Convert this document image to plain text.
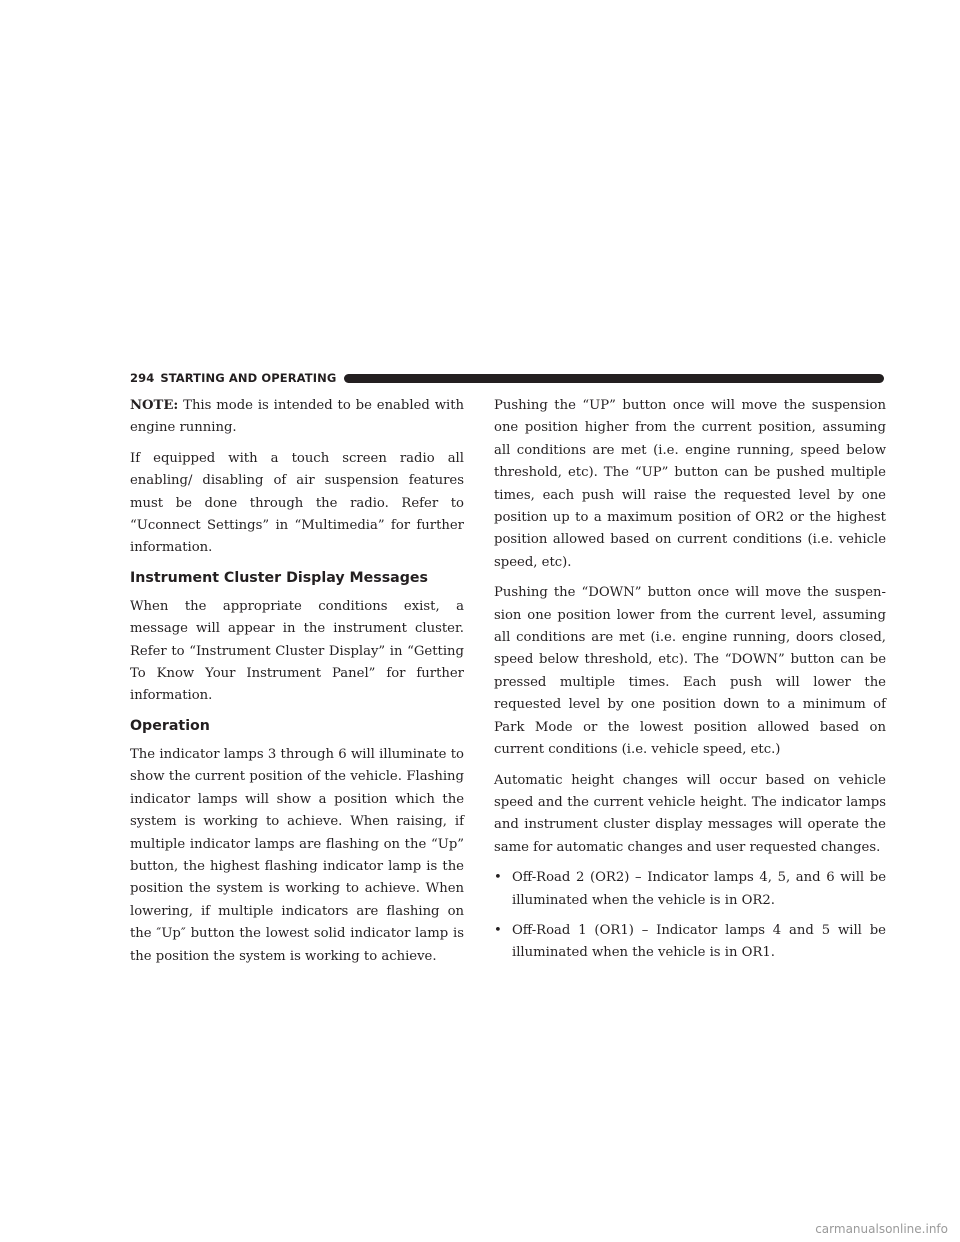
294 STARTING AND OPERATING

NOTE: This mode is intended to be enabled with engine running.

If equipped with a touch screen radio all enabling/ disabling of air suspension features must be done through the radio. Refer to “Uconnect Settings” in “Multimedia” for further information.

Instrument Cluster Display Messages

When the appropriate conditions exist, a message will appear in the instrument cluster. Refer to “Instrument Cluster Display” in “Getting To Know Your Instrument Panel” for further information.

Operation

The indicator lamps 3 through 6 will illuminate to show the current position of the vehicle. Flashing indicator lamps will show a position which the system is working to achieve. When raising, if multiple indicator lamps are flashing on the “Up” button, the highest flashing indicator lamp is the position the system is working to achieve. When lowering, if multiple indicators are flashing on the ″Up″ button the lowest solid indicator lamp is the position the system is working to achieve.

Pushing the “UP” button once will move the suspension one position higher from the current position, assuming all conditions are met (i.e. engine running, speed below threshold, etc). The “UP” button can be pushed multiple times, each push will raise the requested level by one position up to a maximum position of OR2 or the highest position allowed based on current conditions (i.e. vehicle speed, etc).

Pushing the “DOWN” button once will move the suspen- sion one position lower from the current level, assuming all conditions are met (i.e. engine running, doors closed, speed below threshold, etc). The “DOWN” button can be pressed multiple times. Each push will lower the requested level by one position down to a minimum of Park Mode or the lowest position allowed based on current conditions (i.e. vehicle speed, etc.)

Automatic height changes will occur based on vehicle speed and the current vehicle height. The indicator lamps and instrument cluster display messages will operate the same for automatic changes and user requested changes.

• Off-Road 2 (OR2) – Indicator lamps 4, 5, and 6 will be illuminated when the vehicle is in OR2.
• Off-Road 1 (OR1) – Indicator lamps 4 and 5 will be illuminated when the vehicle is in OR1.
carmanualsonline.info
